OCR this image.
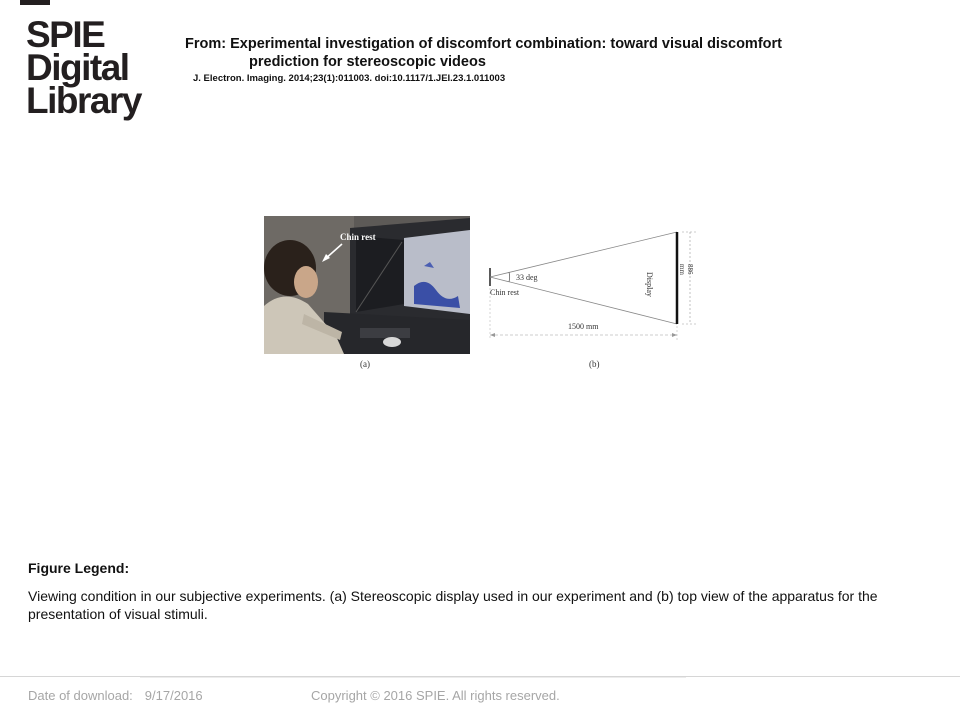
SPIE
Digital
Library
From: Experimental investigation of discomfort combination: toward visual discomfort
prediction for stereoscopic videos
J. Electron. Imaging. 2014;23(1):011003. doi:10.1117/1.JEI.23.1.011003
Chin rest
(a)
Chin rest
33 deg	Display
886 mm
1500 mm
(b)
Figure Legend:
Viewing condition in our subjective experiments. (a) Stereoscopic display used in our experiment and (b) top view of the apparatus for the presentation of visual stimuli.
Date of download: 9/17/2016	Copyright © 2016 SPIE. All rights reserved.
